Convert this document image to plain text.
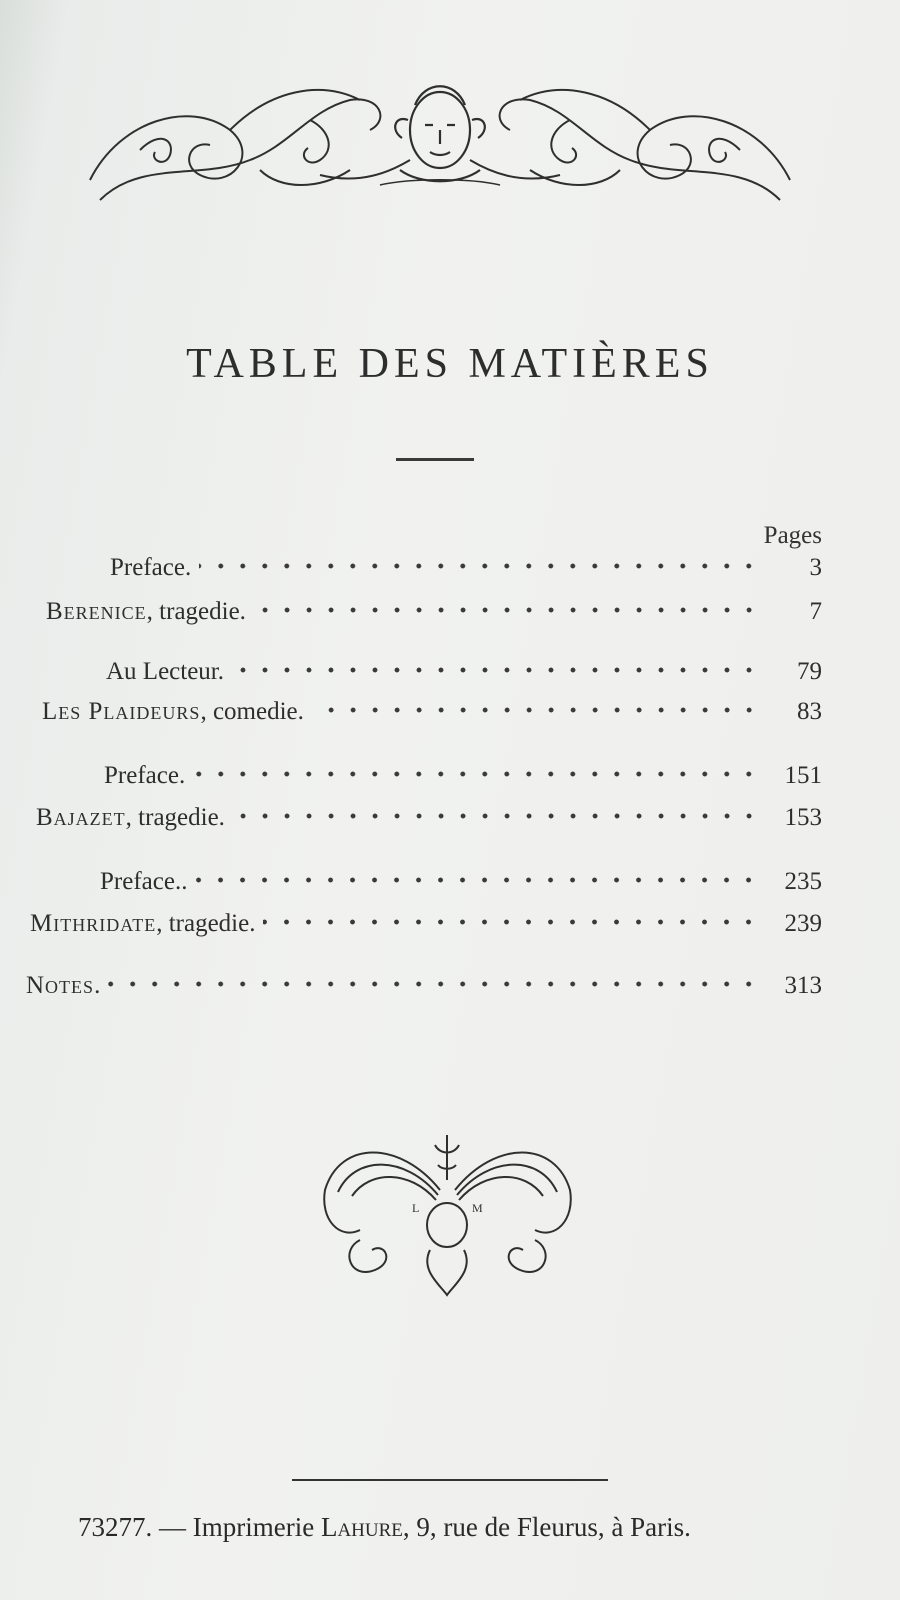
TABLE DES MATIÈRES
Pages
Preface.	3
Berenice, tragedie.	7
Au Lecteur.	79
Les Plaideurs, comedie.	83
Preface.	151
Bajazet, tragedie.	153
Preface..	235
Mithridate, tragedie.	239
Notes.	313
L	M
73277. — Imprimerie Lahure, 9, rue de Fleurus, à Paris.
